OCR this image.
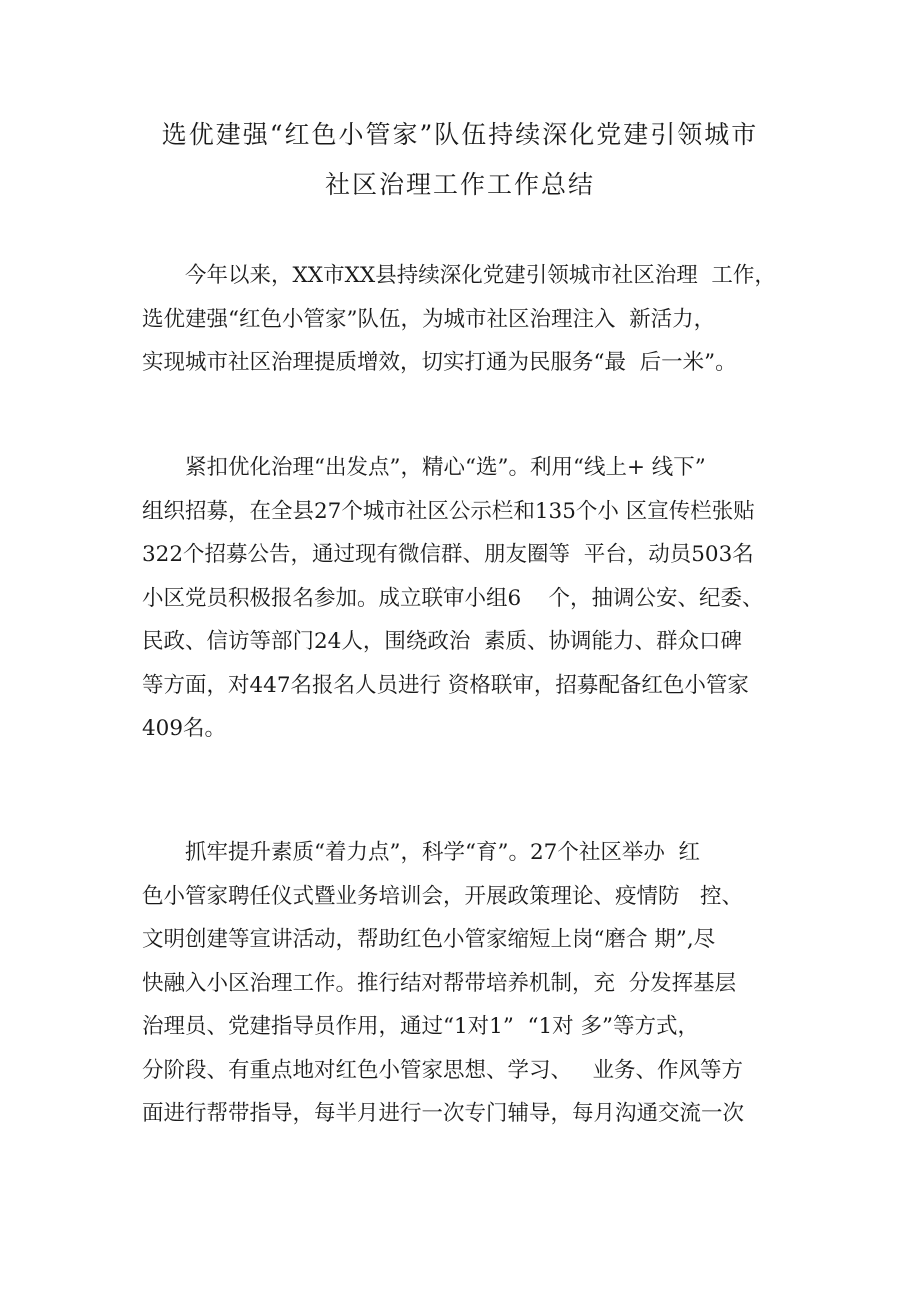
选优建强“红色小管家”队伍持续深化党建引领城市
社区治理工作工作总结

今年以来，XX市XX县持续深化党建引领城市社区治理  工作，
选优建强“红色小管家”队伍，为城市社区治理注入  新活力，
实现城市社区治理提质增效，切实打通为民服务“最  后一米”。

紧扣优化治理“出发点”，精心“选”。利用“线上+ 线下”
组织招募，在全县27个城市社区公示栏和135个小 区宣传栏张贴
322个招募公告，通过现有微信群、朋友圈等  平台，动员503名
小区党员积极报名参加。成立联审小组6    个，抽调公安、纪委、
民政、信访等部门24人，围绕政治  素质、协调能力、群众口碑
等方面，对447名报名人员进行 资格联审，招募配备红色小管家
409名。

抓牢提升素质“着力点”，科学“育”。27个社区举办  红
色小管家聘任仪式暨业务培训会，开展政策理论、疫情防   控、
文明创建等宣讲活动，帮助红色小管家缩短上岗“磨合 期”,尽
快融入小区治理工作。推行结对帮带培养机制，充  分发挥基层
治理员、党建指导员作用，通过“1对1”  “1对 多”等方式，
分阶段、有重点地对红色小管家思想、学习、   业务、作风等方
面进行帮带指导，每半月进行一次专门辅导，每月沟通交流一次
